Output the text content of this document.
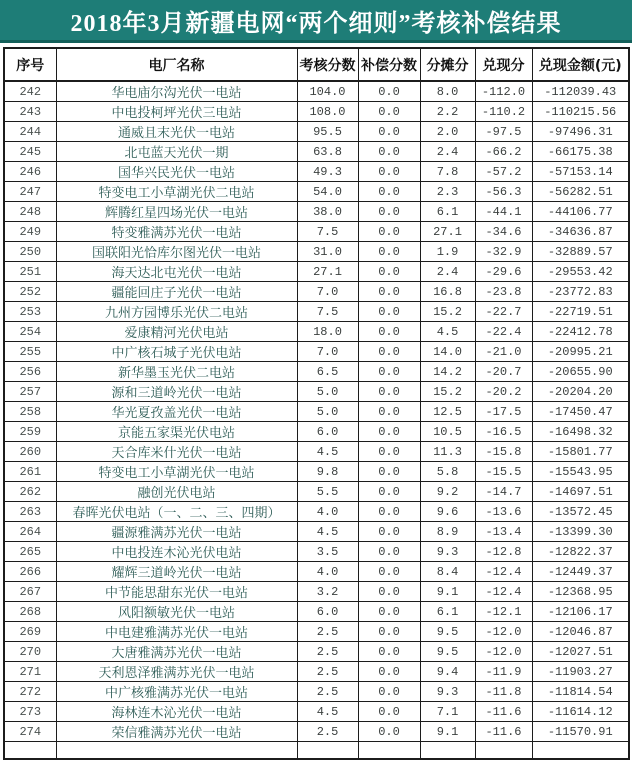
2018年3月新疆电网“两个细则”考核补偿结果
序号	电厂名称	考核分数	补偿分数	分摊分	兑现分	兑现金额(元)
242	华电庙尔沟光伏一电站	104.0	0.0	8.0	-112.0	-112039.43
243	中电投柯坪光伏三电站	108.0	0.0	2.2	-110.2	-110215.56
244	通威且末光伏一电站	95.5	0.0	2.0	-97.5	-97496.31
245	北屯蓝天光伏一期	63.8	0.0	2.4	-66.2	-66175.38
246	国华兴民光伏一电站	49.3	0.0	7.8	-57.2	-57153.14
247	特变电工小草湖光伏二电站	54.0	0.0	2.3	-56.3	-56282.51
248	辉腾红星四场光伏一电站	38.0	0.0	6.1	-44.1	-44106.77
249	特变雅满苏光伏一电站	7.5	0.0	27.1	-34.6	-34636.87
250	国联阳光恰库尔图光伏一电站	31.0	0.0	1.9	-32.9	-32889.57
251	海天达北屯光伏一电站	27.1	0.0	2.4	-29.6	-29553.42
252	疆能回庄子光伏一电站	7.0	0.0	16.8	-23.8	-23772.83
253	九州方园博乐光伏二电站	7.5	0.0	15.2	-22.7	-22719.51
254	爱康精河光伏电站	18.0	0.0	4.5	-22.4	-22412.78
255	中广核石城子光伏电站	7.0	0.0	14.0	-21.0	-20995.21
256	新华墨玉光伏二电站	6.5	0.0	14.2	-20.7	-20655.90
257	源和三道岭光伏一电站	5.0	0.0	15.2	-20.2	-20204.20
258	华光夏孜盖光伏一电站	5.0	0.0	12.5	-17.5	-17450.47
259	京能五家渠光伏电站	6.0	0.0	10.5	-16.5	-16498.32
260	天合库米什光伏一电站	4.5	0.0	11.3	-15.8	-15801.77
261	特变电工小草湖光伏一电站	9.8	0.0	5.8	-15.5	-15543.95
262	融创光伏电站	5.5	0.0	9.2	-14.7	-14697.51
263	春晖光伏电站（一、二、三、四期）	4.0	0.0	9.6	-13.6	-13572.45
264	疆源雅满苏光伏一电站	4.5	0.0	8.9	-13.4	-13399.30
265	中电投连木沁光伏电站	3.5	0.0	9.3	-12.8	-12822.37
266	耀辉三道岭光伏一电站	4.0	0.0	8.4	-12.4	-12449.37
267	中节能思甜东光伏一电站	3.2	0.0	9.1	-12.4	-12368.95
268	风阳额敏光伏一电站	6.0	0.0	6.1	-12.1	-12106.17
269	中电建雅满苏光伏一电站	2.5	0.0	9.5	-12.0	-12046.87
270	大唐雅满苏光伏一电站	2.5	0.0	9.5	-12.0	-12027.51
271	天利恩泽雅满苏光伏一电站	2.5	0.0	9.4	-11.9	-11903.27
272	中广核雅满苏光伏一电站	2.5	0.0	9.3	-11.8	-11814.54
273	海林连木沁光伏一电站	4.5	0.0	7.1	-11.6	-11614.12
274	荣信雅满苏光伏一电站	2.5	0.0	9.1	-11.6	-11570.91
